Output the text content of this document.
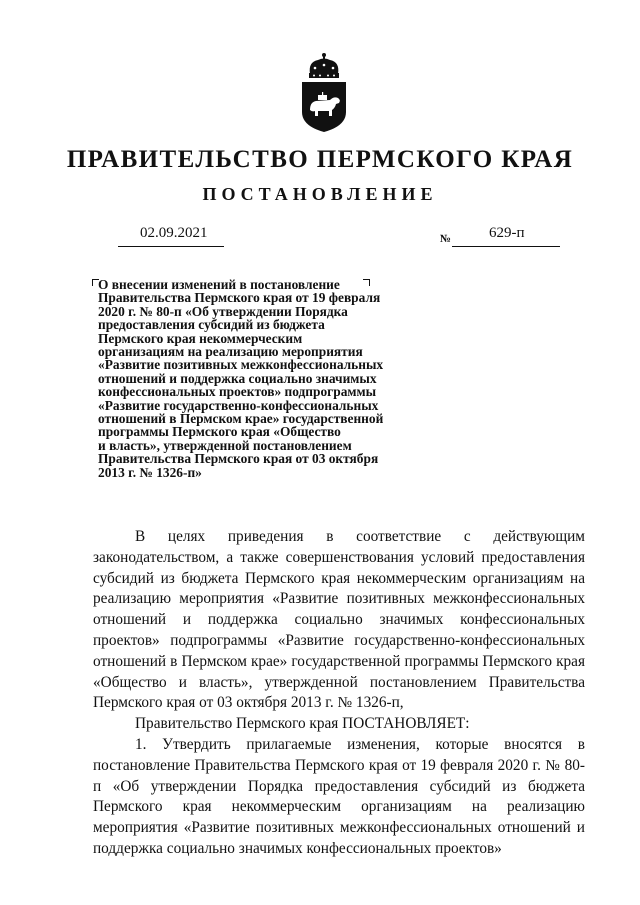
ПРАВИТЕЛЬСТВО ПЕРМСКОГО КРАЯ
ПОСТАНОВЛЕНИЕ
02.09.2021	№	629-п
О внесении изменений в постановление
Правительства Пермского края от 19 февраля
2020 г. № 80-п «Об утверждении Порядка
предоставления субсидий из бюджета
Пермского края некоммерческим
организациям на реализацию мероприятия
«Развитие позитивных межконфессиональных
отношений и поддержка социально значимых
конфессиональных проектов» подпрограммы
«Развитие государственно-конфессиональных
отношений в Пермском крае» государственной
программы Пермского края «Общество
и власть», утвержденной постановлением
Правительства Пермского края от 03 октября
2013 г. № 1326-п»

В целях приведения в соответствие с действующим законодательством, а также совершенствования условий предоставления субсидий из бюджета Пермского края некоммерческим организациям на реализацию мероприятия «Развитие позитивных межконфессиональных отношений и поддержка социально значимых конфессиональных проектов» подпрограммы «Развитие государственно-конфессиональных отношений в Пермском крае» государственной программы Пермского края «Общество и власть», утвержденной постановлением Правительства Пермского края от 03 октября 2013 г. № 1326-п,

Правительство Пермского края ПОСТАНОВЛЯЕТ:

1. Утвердить прилагаемые изменения, которые вносятся в постановление Правительства Пермского края от 19 февраля 2020 г. № 80-п «Об утверждении Порядка предоставления субсидий из бюджета Пермского края некоммерческим организациям на реализацию мероприятия «Развитие позитивных межконфессиональных отношений и поддержка социально значимых конфессиональных проектов»
